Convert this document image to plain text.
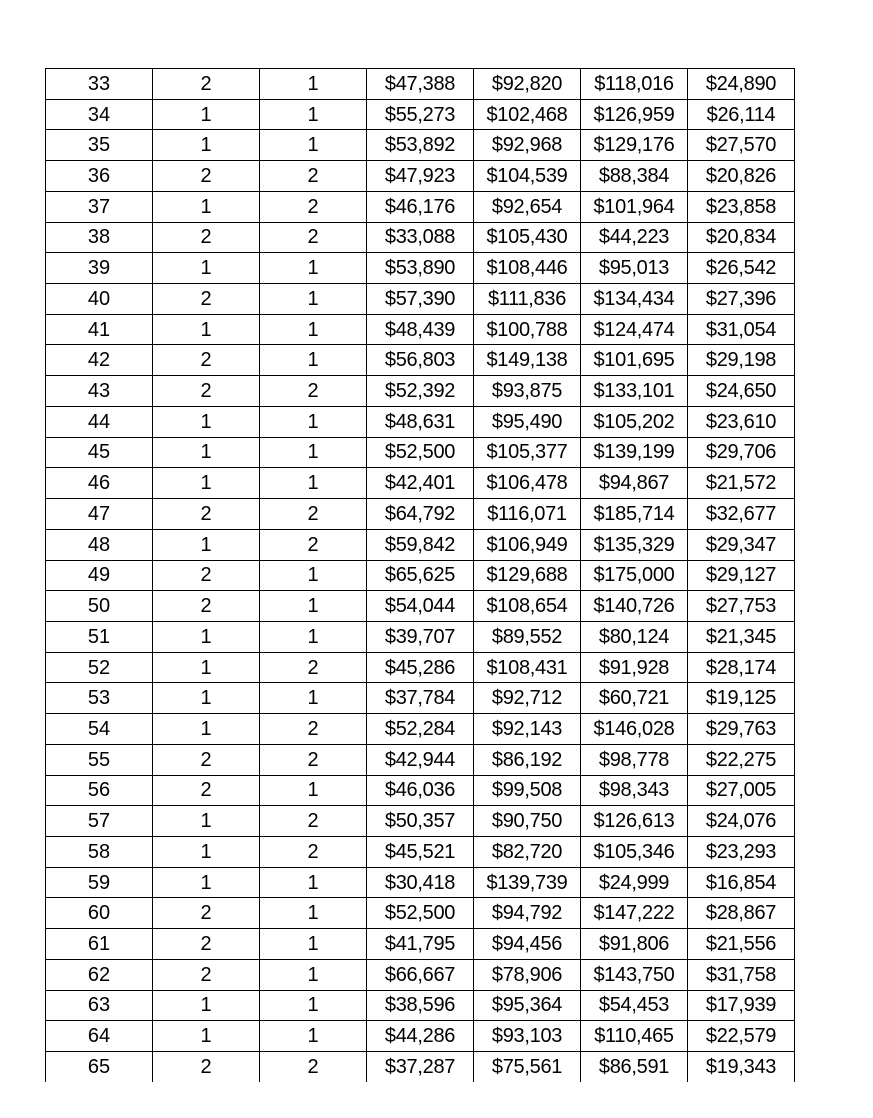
33	2	1	$47,388	$92,820	$118,016	$24,890
34	1	1	$55,273	$102,468	$126,959	$26,114
35	1	1	$53,892	$92,968	$129,176	$27,570
36	2	2	$47,923	$104,539	$88,384	$20,826
37	1	2	$46,176	$92,654	$101,964	$23,858
38	2	2	$33,088	$105,430	$44,223	$20,834
39	1	1	$53,890	$108,446	$95,013	$26,542
40	2	1	$57,390	$111,836	$134,434	$27,396
41	1	1	$48,439	$100,788	$124,474	$31,054
42	2	1	$56,803	$149,138	$101,695	$29,198
43	2	2	$52,392	$93,875	$133,101	$24,650
44	1	1	$48,631	$95,490	$105,202	$23,610
45	1	1	$52,500	$105,377	$139,199	$29,706
46	1	1	$42,401	$106,478	$94,867	$21,572
47	2	2	$64,792	$116,071	$185,714	$32,677
48	1	2	$59,842	$106,949	$135,329	$29,347
49	2	1	$65,625	$129,688	$175,000	$29,127
50	2	1	$54,044	$108,654	$140,726	$27,753
51	1	1	$39,707	$89,552	$80,124	$21,345
52	1	2	$45,286	$108,431	$91,928	$28,174
53	1	1	$37,784	$92,712	$60,721	$19,125
54	1	2	$52,284	$92,143	$146,028	$29,763
55	2	2	$42,944	$86,192	$98,778	$22,275
56	2	1	$46,036	$99,508	$98,343	$27,005
57	1	2	$50,357	$90,750	$126,613	$24,076
58	1	2	$45,521	$82,720	$105,346	$23,293
59	1	1	$30,418	$139,739	$24,999	$16,854
60	2	1	$52,500	$94,792	$147,222	$28,867
61	2	1	$41,795	$94,456	$91,806	$21,556
62	2	1	$66,667	$78,906	$143,750	$31,758
63	1	1	$38,596	$95,364	$54,453	$17,939
64	1	1	$44,286	$93,103	$110,465	$22,579
65	2	2	$37,287	$75,561	$86,591	$19,343
